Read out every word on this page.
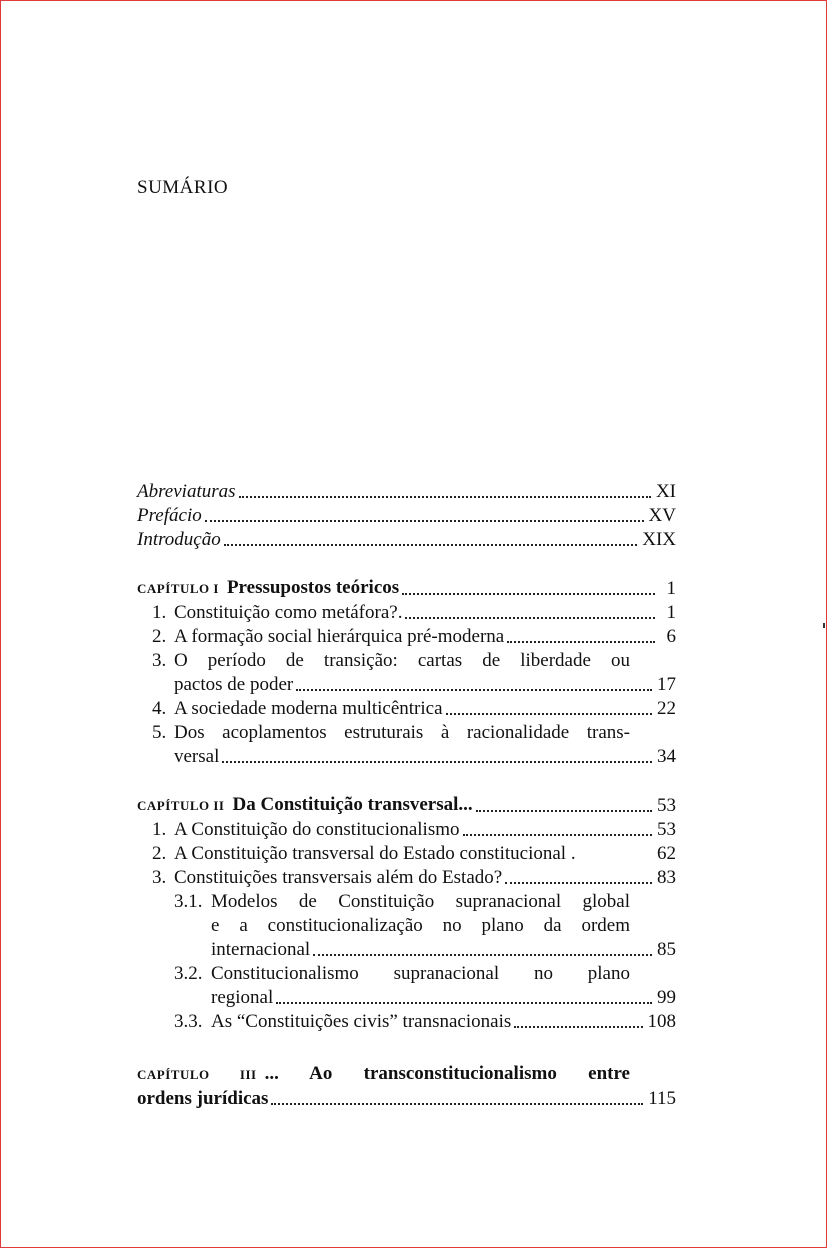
SUMÁRIO
Abreviaturas	XI
Prefácio	XV
Introdução	XIX
CAPÍTULO I Pressupostos teóricos	1
1. Constituição como metáfora?.	1
2. A formação social hierárquica pré-moderna	6
3. O período de transição: cartas de liberdade ou
pactos de poder	17
4. A sociedade moderna multicêntrica	22
5. Dos acoplamentos estruturais à racionalidade trans-
versal	34
CAPÍTULO II Da Constituição transversal...	53
1. A Constituição do constitucionalismo	53
2. A Constituição transversal do Estado constitucional .	62
3. Constituições transversais além do Estado?	83
3.1. Modelos de Constituição supranacional global
e a constitucionalização no plano da ordem
internacional	85
3.2. Constitucionalismo supranacional no plano
regional	99
3.3. As “Constituições civis” transnacionais	108
CAPÍTULO III ... Ao transconstitucionalismo entre
ordens jurídicas	115
